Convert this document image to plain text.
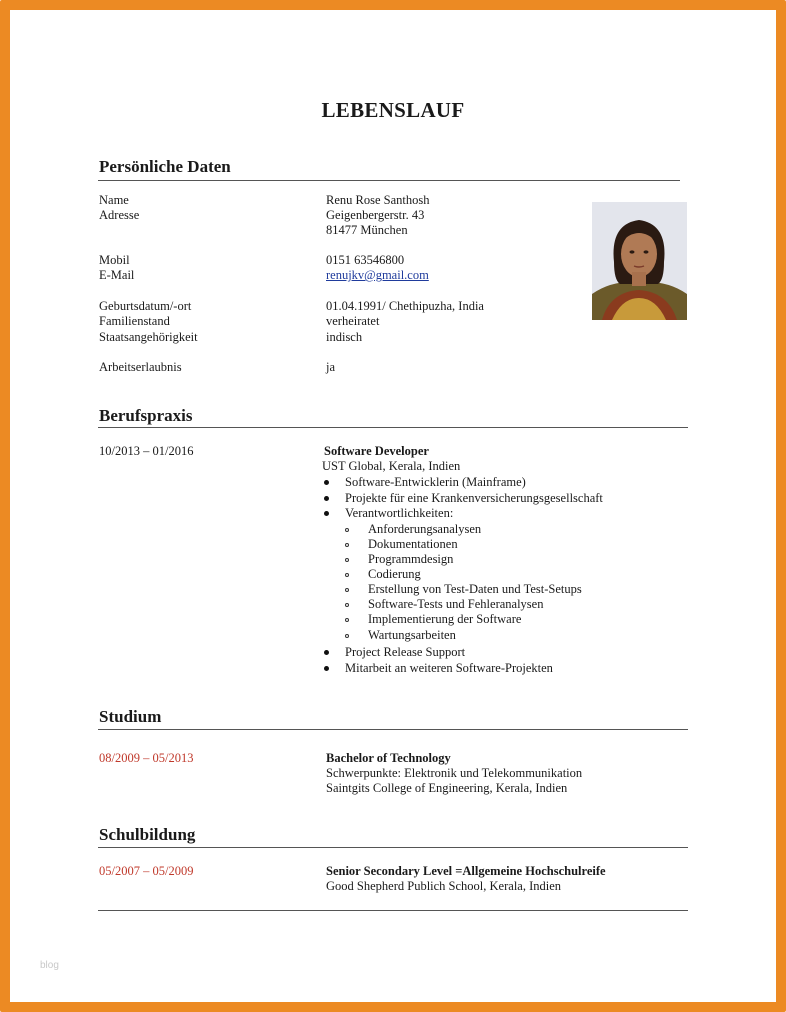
LEBENSLAUF
Persönliche Daten
Name	Renu Rose Santhosh
Adresse	Geigenbergerstr. 43
81477 München
Mobil	0151 63546800
E-Mail	renujkv@gmail.com
Geburtsdatum/-ort	01.04.1991/ Chethipuzha, India
Familienstand	verheiratet
Staatsangehörigkeit	indisch
Arbeitserlaubnis	ja
Berufspraxis
10/2013 – 01/2016	Software Developer
UST Global, Kerala, Indien
Software-Entwicklerin (Mainframe)
Projekte für eine Krankenversicherungsgesellschaft
Verantwortlichkeiten:
Anforderungsanalysen
Dokumentationen
Programmdesign
Codierung
Erstellung von Test-Daten und Test-Setups
Software-Tests und Fehleranalysen
Implementierung der Software
Wartungsarbeiten
Project Release Support
Mitarbeit an weiteren Software-Projekten
Studium
08/2009 – 05/2013	Bachelor of Technology
Schwerpunkte: Elektronik und Telekommunikation
Saintgits College of Engineering, Kerala, Indien
Schulbildung
05/2007 – 05/2009	Senior Secondary Level =Allgemeine Hochschulreife
Good Shepherd Publich School, Kerala, Indien
blog
